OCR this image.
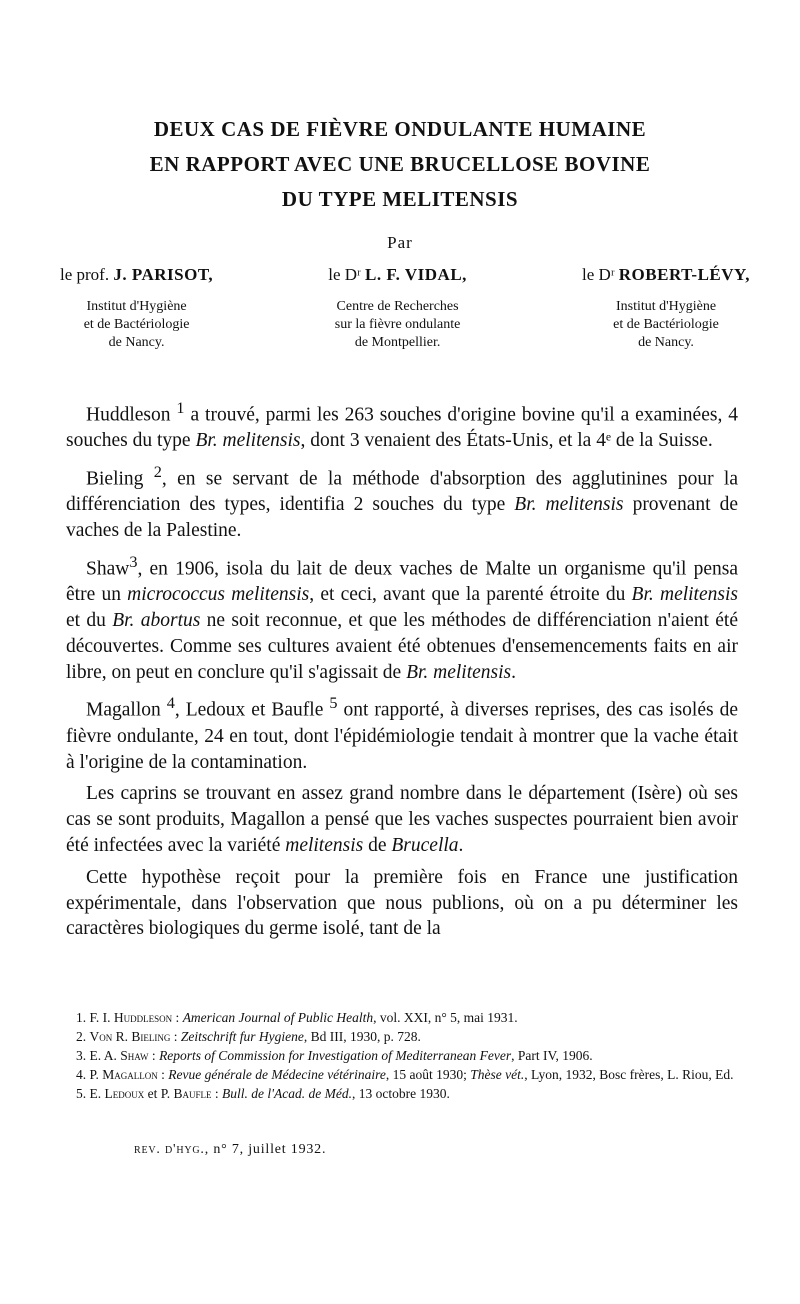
DEUX CAS DE FIÈVRE ONDULANTE HUMAINE
EN RAPPORT AVEC UNE BRUCELLOSE BOVINE
DU TYPE MELITENSIS
Par
le prof. J. PARISOT,
Institut d'Hygiène
et de Bactériologie
de Nancy.
le Dʳ L. F. VIDAL,
Centre de Recherches
sur la fièvre ondulante
de Montpellier.
le Dʳ ROBERT-LÉVY,
Institut d'Hygiène
et de Bactériologie
de Nancy.

Huddleson $^1$ a trouvé, parmi les 263 souches d'origine bovine qu'il a examinées, 4 souches du type Br. melitensis, dont 3 venaient des États-Unis, et la 4ᵉ de la Suisse.

Bieling $^2$, en se servant de la méthode d'absorption des agglutinines pour la différenciation des types, identifia 2 souches du type Br. melitensis provenant de vaches de la Palestine.

Shaw$^3$, en 1906, isola du lait de deux vaches de Malte un organisme qu'il pensa être un micrococcus melitensis, et ceci, avant que la parenté étroite du Br. melitensis et du Br. abortus ne soit reconnue, et que les méthodes de différenciation n'aient été découvertes. Comme ses cultures avaient été obtenues d'ensemencements faits en air libre, on peut en conclure qu'il s'agissait de Br. melitensis.

Magallon $^4$, Ledoux et Baufle $^5$ ont rapporté, à diverses reprises, des cas isolés de fièvre ondulante, 24 en tout, dont l'épidémiologie tendait à montrer que la vache était à l'origine de la contamination.

Les caprins se trouvant en assez grand nombre dans le département (Isère) où ses cas se sont produits, Magallon a pensé que les vaches suspectes pourraient bien avoir été infectées avec la variété melitensis de Brucella.

Cette hypothèse reçoit pour la première fois en France une justification expérimentale, dans l'observation que nous publions, où on a pu déterminer les caractères biologiques du germe isolé, tant de la

1. F. I. Huddleson : American Journal of Public Health, vol. XXI, n° 5, mai 1931.

2. Von R. Bieling : Zeitschrift fur Hygiene, Bd III, 1930, p. 728.

3. E. A. Shaw : Reports of Commission for Investigation of Mediterranean Fever, Part IV, 1906.

4. P. Magallon : Revue générale de Médecine vétérinaire, 15 août 1930; Thèse vét., Lyon, 1932, Bosc frères, L. Riou, Ed.

5. E. Ledoux et P. Baufle : Bull. de l'Acad. de Méd., 13 octobre 1930.

rev. d'hyg., n° 7, juillet 1932.
